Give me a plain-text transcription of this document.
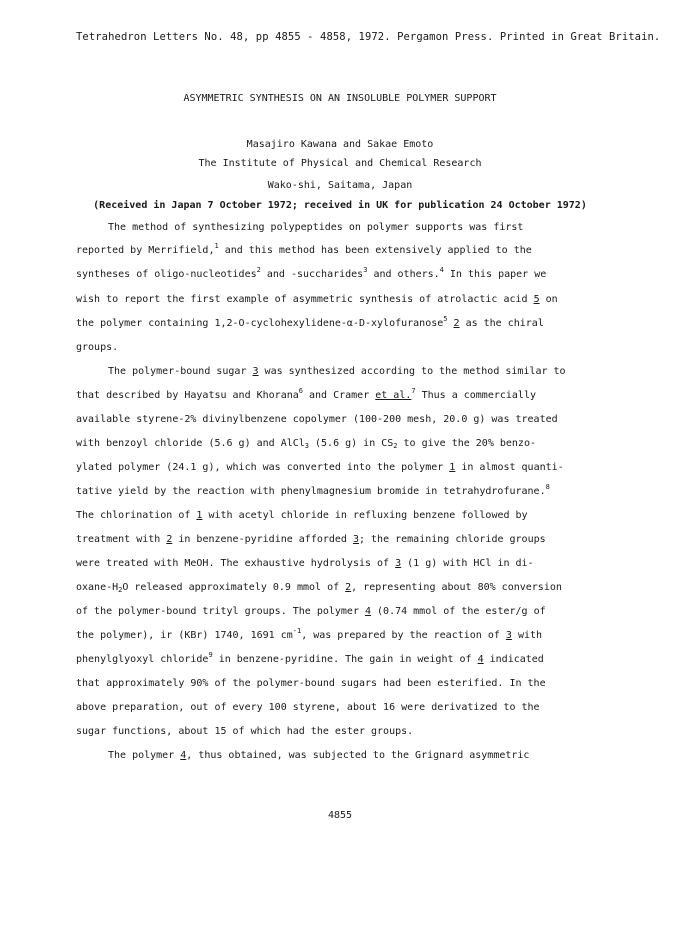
Tetrahedron Letters No. 48, pp 4855 - 4858, 1972. Pergamon Press. Printed in Great Britain.
ASYMMETRIC SYNTHESIS ON AN INSOLUBLE POLYMER SUPPORT
Masajiro Kawana and Sakae Emoto
The Institute of Physical and Chemical Research
Wako-shi, Saitama, Japan
(Received in Japan 7 October 1972; received in UK for publication 24 October 1972)
The method of synthesizing polypeptides on polymer supports was first
reported by Merrifield,$^1$ and this method has been extensively applied to the
syntheses of oligo-nucleotides$^2$ and -succharides$^3$ and others.$^4$ In this paper we
wish to report the first example of asymmetric synthesis of atrolactic acid 5 on
the polymer containing 1,2-O-cyclohexylidene-α-D-xylofuranose$^5$ 2 as the chiral
groups.
The polymer-bound sugar 3 was synthesized according to the method similar to
that described by Hayatsu and Khorana$^6$ and Cramer et al.$^7$ Thus a commercially
available styrene-2% divinylbenzene copolymer (100-200 mesh, 20.0 g) was treated
with benzoyl chloride (5.6 g) and AlCl$_3$ (5.6 g) in $CS_2$ to give the 20% benzo-
ylated polymer (24.1 g), which was converted into the polymer 1 in almost quanti-
tative yield by the reaction with phenylmagnesium bromide in tetrahydrofurane.$^8$
The chlorination of 1 with acetyl chloride in refluxing benzene followed by
treatment with 2 in benzene-pyridine afforded 3; the remaining chloride groups
were treated with MeOH. The exhaustive hydrolysis of 3 (1 g) with HCl in di-
oxane-$H_2O$ released approximately 0.9 mmol of 2, representing about 80% conversion
of the polymer-bound trityl groups. The polymer 4 (0.74 mmol of the ester/g of
the polymer), ir (KBr) 1740, 1691 $cm^{-1}$, was prepared by the reaction of 3 with
phenylglyoxyl chloride$^9$ in benzene-pyridine. The gain in weight of 4 indicated
that approximately 90% of the polymer-bound sugars had been esterified. In the
above preparation, out of every 100 styrene, about 16 were derivatized to the
sugar functions, about 15 of which had the ester groups.
The polymer 4, thus obtained, was subjected to the Grignard asymmetric
4855
